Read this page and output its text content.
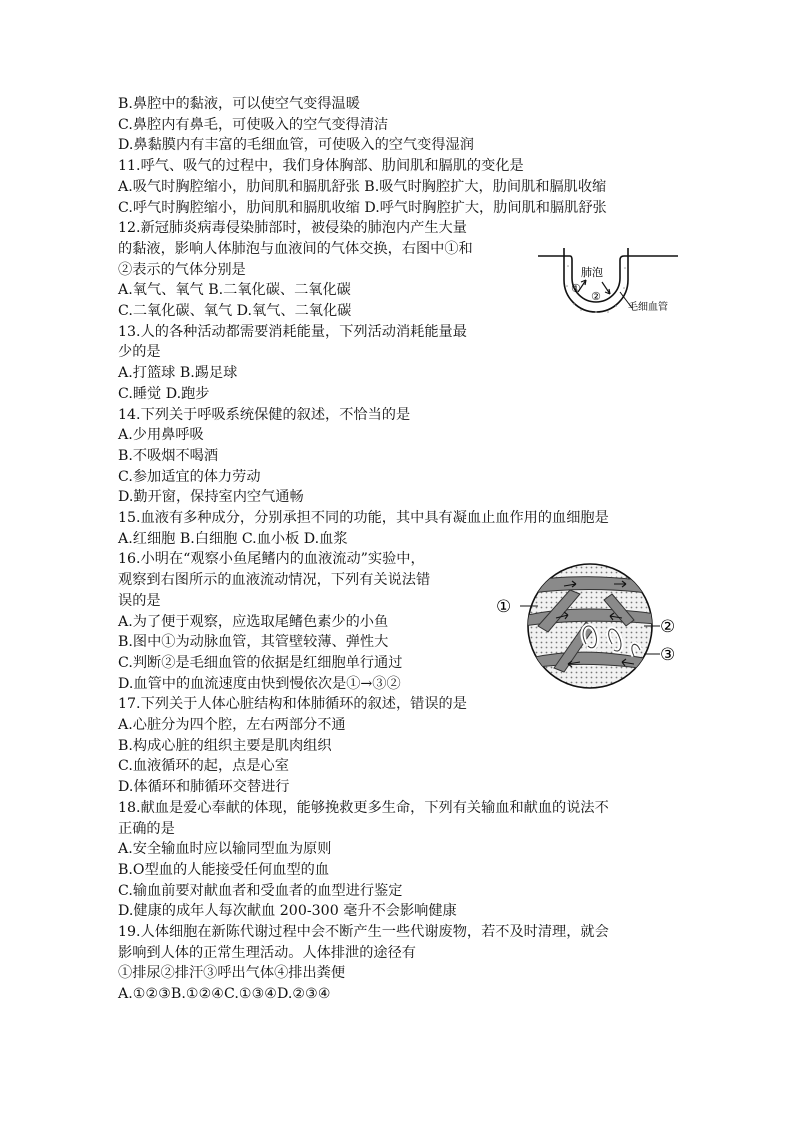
B.鼻腔中的黏液，可以使空气变得温暖
C.鼻腔内有鼻毛，可使吸入的空气变得清洁
D.鼻黏膜内有丰富的毛细血管，可使吸入的空气变得湿润
11.呼气、吸气的过程中，我们身体胸部、肋间肌和膈肌的变化是
A.吸气时胸腔缩小，肋间肌和膈肌舒张 B.吸气时胸腔扩大，肋间肌和膈肌收缩
C.呼气时胸腔缩小，肋间肌和膈肌收缩 D.呼气时胸腔扩大，肋间肌和膈肌舒张
12.新冠肺炎病毒侵染肺部时，被侵染的肺泡内产生大量
的黏液，影响人体肺泡与血液间的气体交换，右图中①和
②表示的气体分别是
A.氧气、氧气 B.二氧化碳、二氧化碳
C.二氧化碳、氧气 D.氧气、二氧化碳
13.人的各种活动都需要消耗能量，下列活动消耗能量最
少的是
A.打篮球 B.踢足球
C.睡觉 D.跑步
14.下列关于呼吸系统保健的叙述，不恰当的是
A.少用鼻呼吸
B.不吸烟不喝酒
C.参加适宜的体力劳动
D.勤开窗，保持室内空气通畅
15.血液有多种成分，分别承担不同的功能，其中具有凝血止血作用的血细胞是
A.红细胞 B.白细胞 C.血小板 D.血浆
16.小明在“观察小鱼尾鳍内的血液流动”实验中，
观察到右图所示的血液流动情况，下列有关说法错
误的是
A.为了便于观察，应选取尾鳍色素少的小鱼
B.图中①为动脉血管，其管壁较薄、弹性大
C.判断②是毛细血管的依据是红细胞单行通过
D.血管中的血流速度由快到慢依次是①→③②
17.下列关于人体心脏结构和体肺循环的叙述，错误的是
A.心脏分为四个腔，左右两部分不通
B.构成心脏的组织主要是肌肉组织
C.血液循环的起，点是心室
D.体循环和肺循环交替进行
18.献血是爱心奉献的体现，能够挽救更多生命，下列有关输血和献血的说法不
正确的是
A.安全输血时应以输同型血为原则
B.O型血的人能接受任何血型的血
C.输血前要对献血者和受血者的血型进行鉴定
D.健康的成年人每次献血 200-300 毫升不会影响健康
19.人体细胞在新陈代谢过程中会不断产生一些代谢废物，若不及时清理，就会
影响到人体的正常生理活动。人体排泄的途径有
①排尿②排汗③呼出气体④排出粪便
A.①②③B.①②④C.①③④D.②③④
肺泡
①
②
毛细血管
①
②
③
